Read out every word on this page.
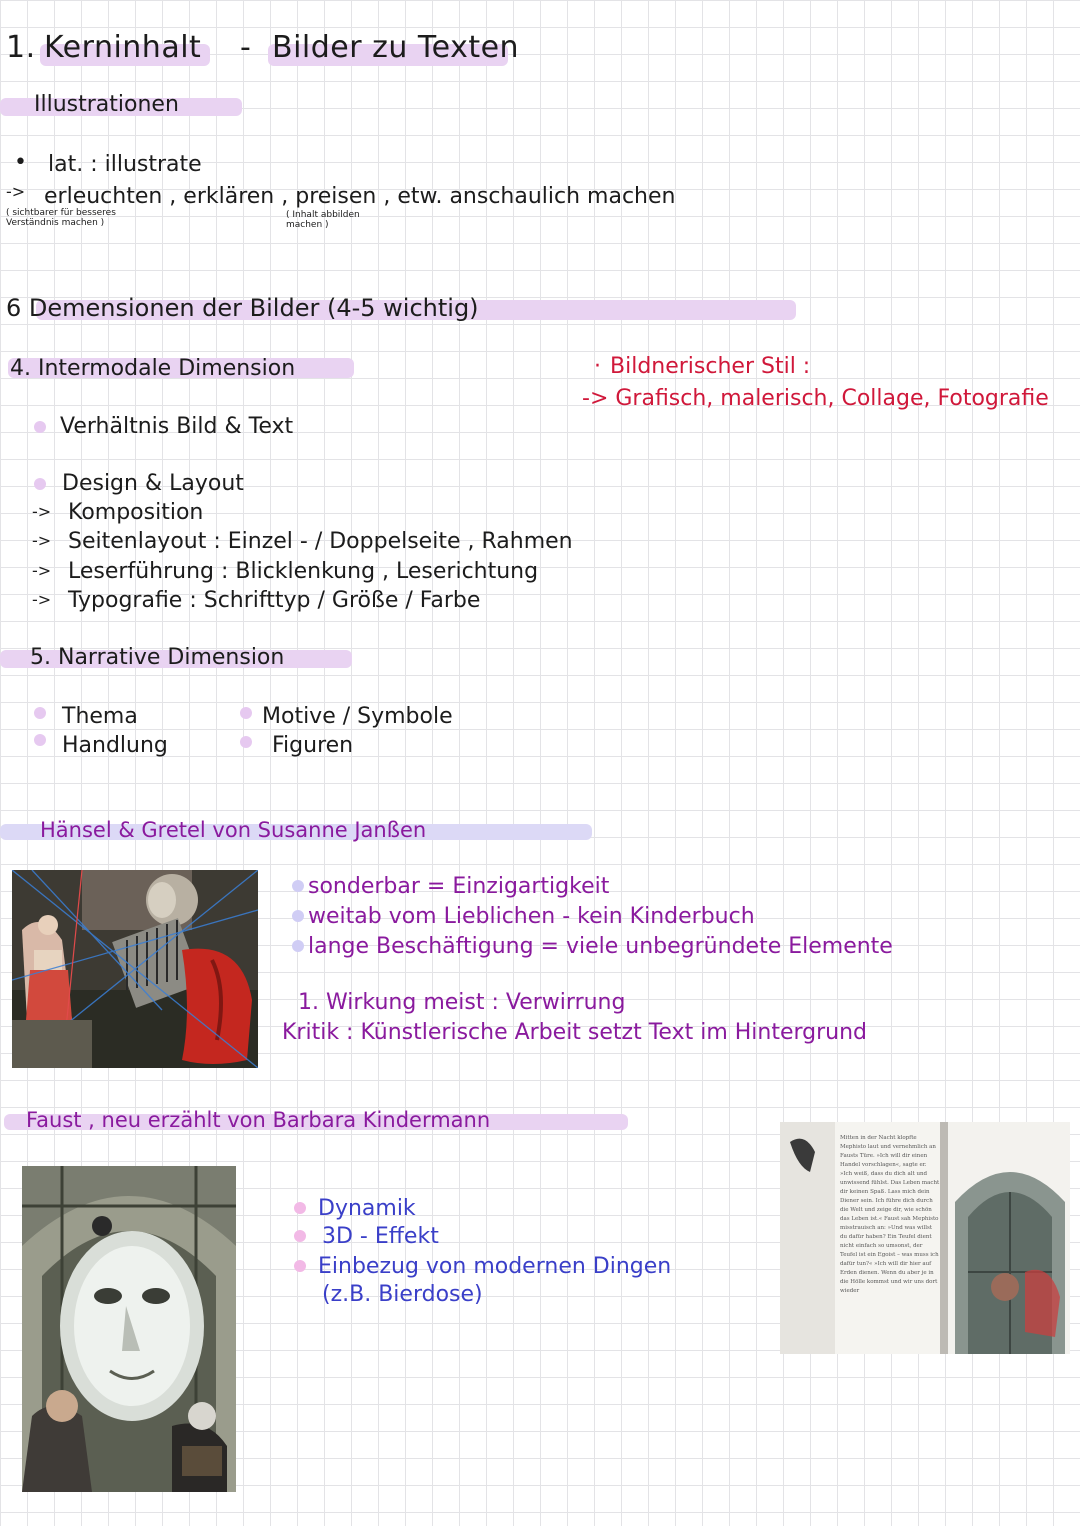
1. Kerninhalt - Bilder zu Texten
Illustrationen
• lat. : illustrate
-> erleuchten , erklären , preisen , etw. anschaulich machen
( sichtbarer für besseres Verständnis machen )
( Inhalt abbilden machen )
6 Demensionen der Bilder (4-5 wichtig)
4. Intermodale Dimension
Verhältnis Bild & Text
Design & Layout
-> Komposition
-> Seitenlayout : Einzel - / Doppelseite , Rahmen
-> Leserführung : Blicklenkung , Leserichtung
-> Typografie : Schrifttyp / Größe / Farbe
· Bildnerischer Stil :
-> Grafisch, malerisch, Collage, Fotografie
5. Narrative Dimension
Thema
Handlung
Motive / Symbole
Figuren
Hänsel & Gretel von Susanne Janßen
sonderbar = Einzigartigkeit
weitab vom Lieblichen - kein Kinderbuch
lange Beschäftigung = viele unbegründete Elemente
1. Wirkung meist : Verwirrung
Kritik : Künstlerische Arbeit setzt Text im Hintergrund
Faust , neu erzählt von Barbara Kindermann
Dynamik
3D - Effekt
Einbezug von modernen Dingen
(z.B. Bierdose)
Mitten in der Nacht klopfte Mephisto laut und vernehmlich an Fausts Türe. »Ich will dir einen Handel vorschlagen«, sagte er. »Ich weiß, dass du dich alt und unwissend fühlst. Das Leben macht dir keinen Spaß. Lass mich dein Diener sein. Ich führe dich durch die Welt und zeige dir, wie schön das Leben ist.« Faust sah Mephisto misstrauisch an: »Und was willst du dafür haben? Ein Teufel dient nicht einfach so umsonst, der Teufel ist ein Egoist – was muss ich dafür tun?« »Ich will dir hier auf Erden dienen. Wenn du aber je in die Hölle kommst und wir uns dort wieder
